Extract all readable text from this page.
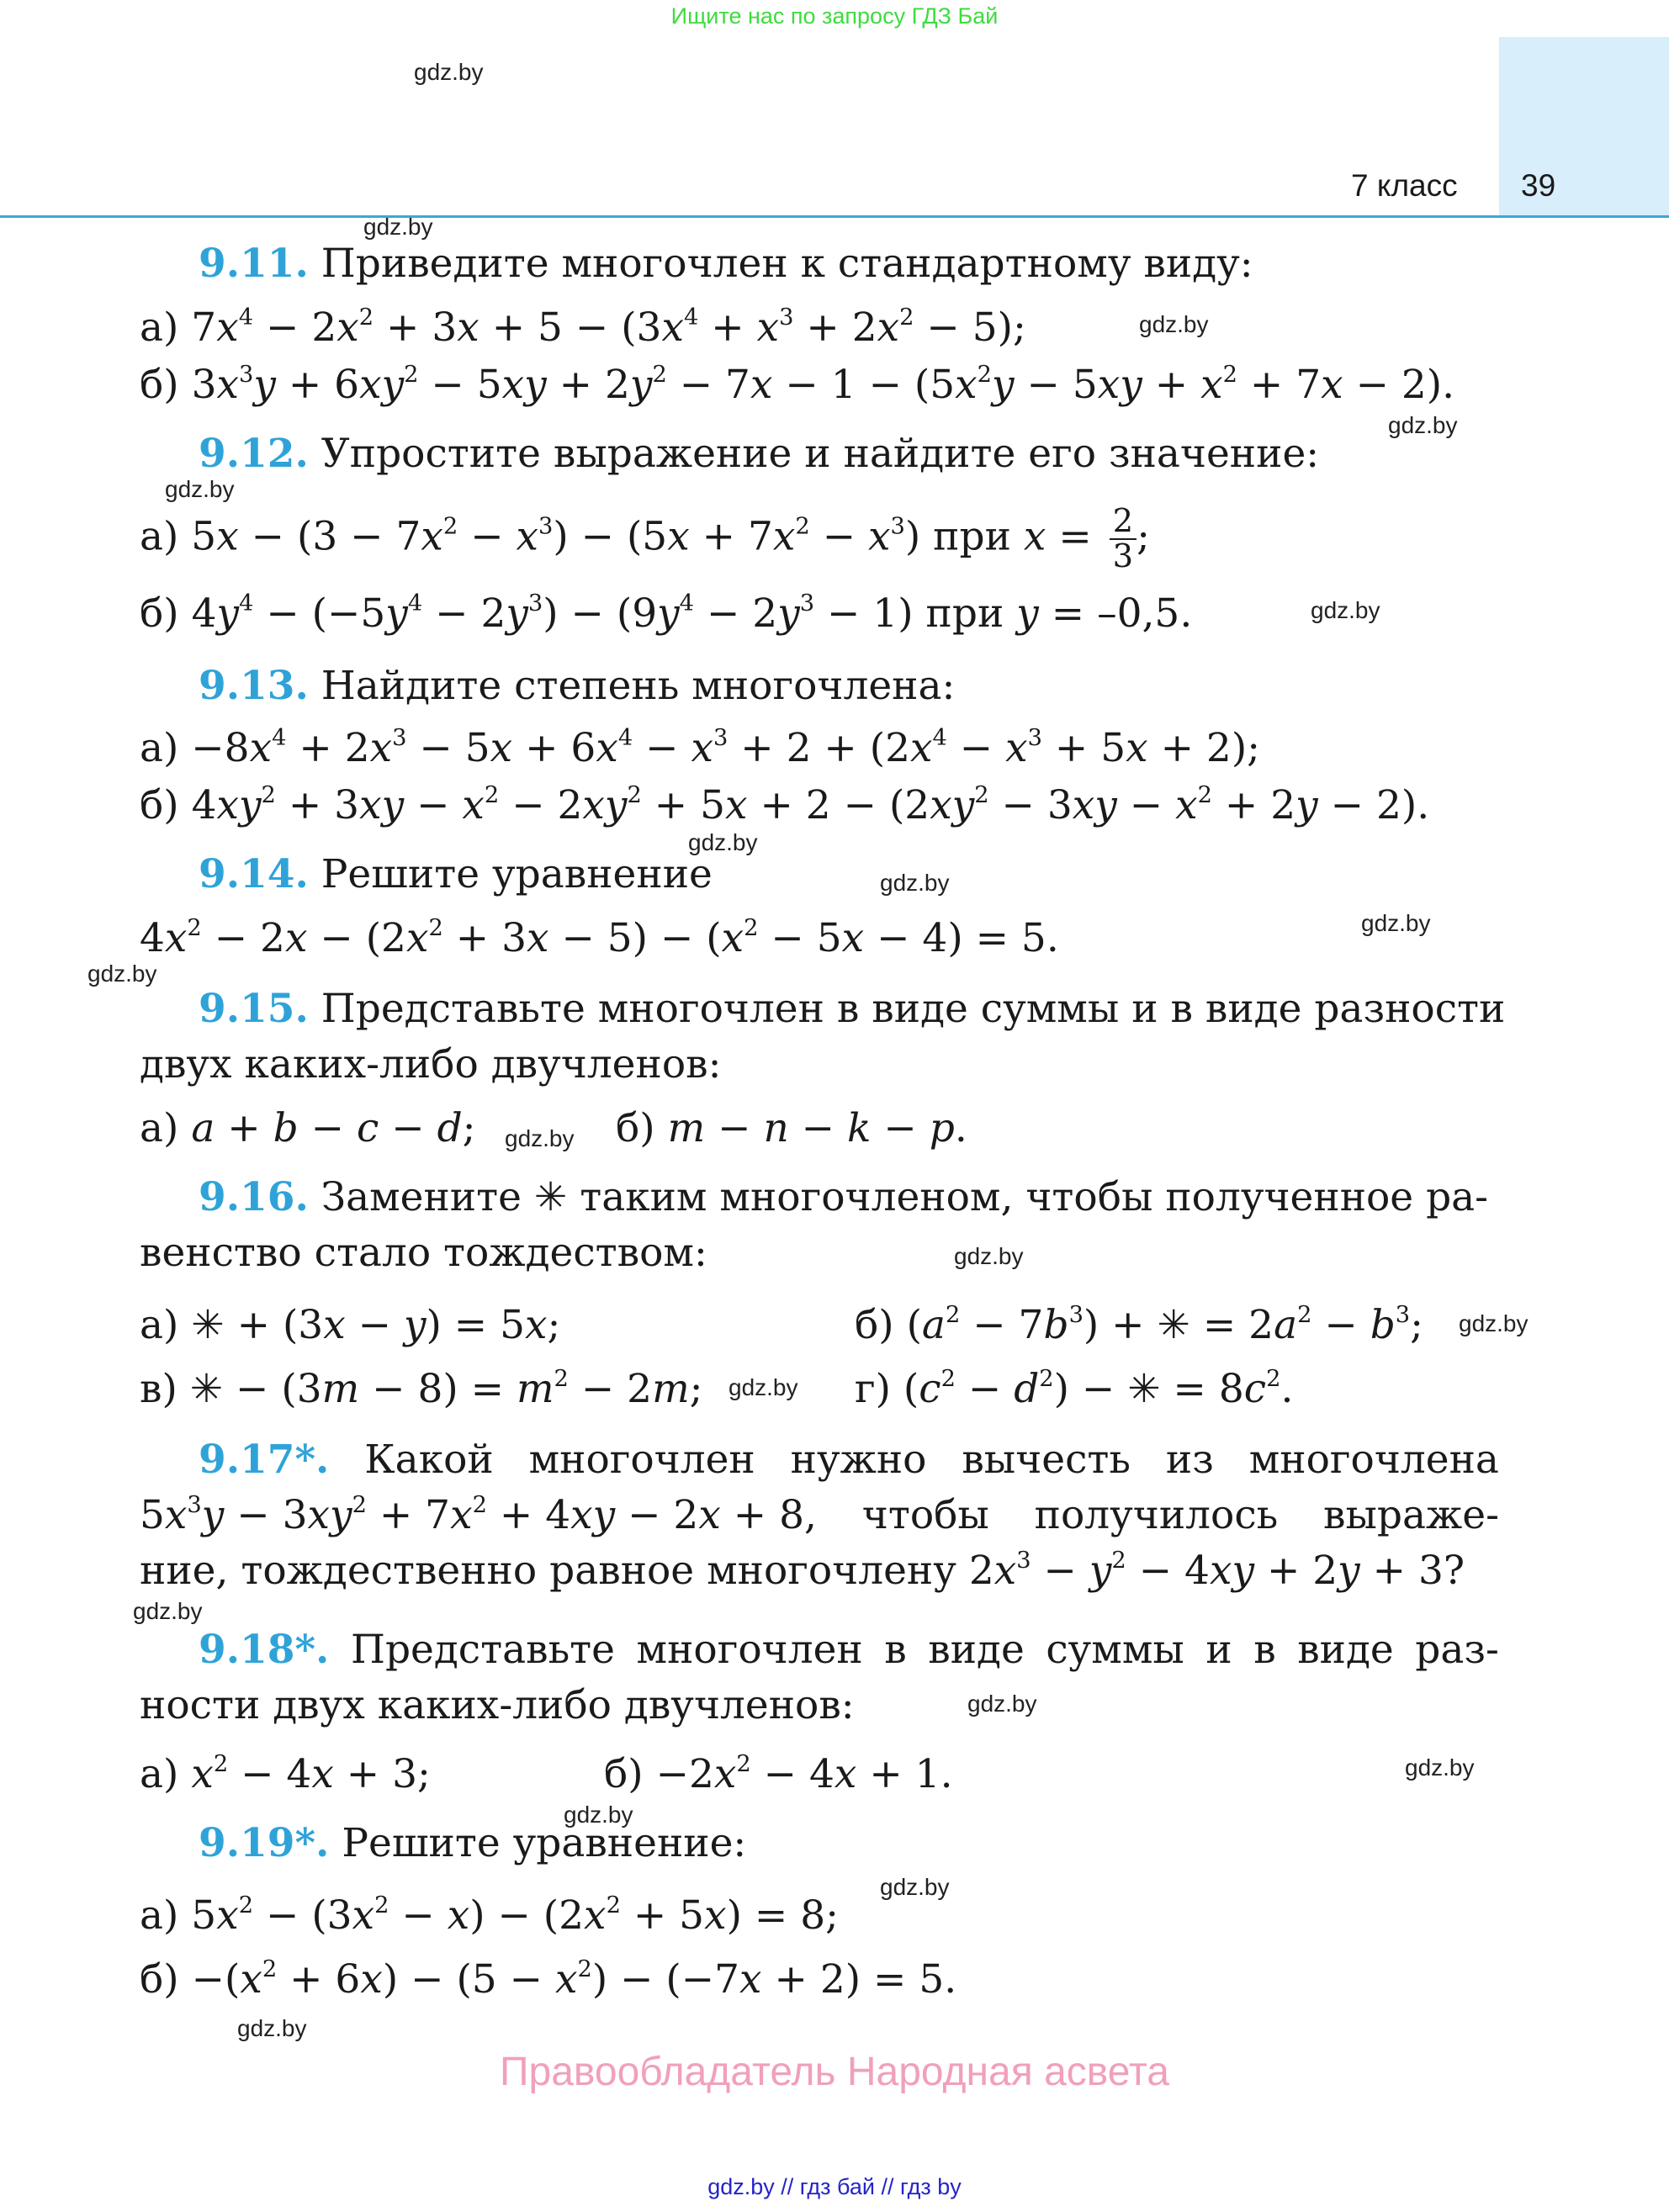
Ищите нас по запросу ГДЗ Бай
7 класс 39
gdz.by
gdz.by
gdz.by
gdz.by
gdz.by
gdz.by
gdz.by
gdz.by
gdz.by
gdz.by
gdz.by
gdz.by
gdz.by
gdz.by
gdz.by
gdz.by
gdz.by
gdz.by
gdz.by
gdz.by
9.11. Приведите многочлен к стандартному виду:
а) $7x^4 - 2x^2 + 3x + 5 - (3x^4 + x^3 + 2x^2 - 5)$;
б) $3x^3y + 6xy^2 - 5xy + 2y^2 - 7x - 1 - (5x^2y - 5xy + x^2 + 7x - 2)$.
9.12. Упростите выражение и найдите его значение:
а) $5x - (3 - 7x^2 - x^3) - (5x + 7x^2 - x^3)$ при $x = \frac{2}{3}$ ;
б) $4y^4 - (-5y^4 - 2y^3) - (9y^4 - 2y^3 - 1)$ при y = –0,5.
9.13. Найдите степень многочлена:
$а) -8x^4 + 2x^3 - 5x + 6x^4 - x^3 + 2 + (2x^4 - x^3 + 5x + 2)$;
б) $4xy^2 + 3xy - x^2 - 2xy^2 + 5x + 2 - (2xy^2 - 3xy - x^2 + 2y - 2)$.
9.14. Решите уравнение
$4x^2 - 2x - (2x^2 + 3x - 5) - (x^2 - 5x - 4) = 5$.
9.15. Представьте многочлен в виде суммы и в виде разности
двух каких-либо двучленов:
а) a + b − c − d;	б) m − n − k − p.
9.16. Замените ✳ таким многочленом, чтобы полученное ра-
венство стало тождеством:
а) ✳ + (3x − y) = 5x;	б) $(a^2 - 7b^3)$ + ✳ = $2a^2 - b^3$;
в) ✳ − $(3m - 8) = m^2 - 2m$;	г) $(c^2 - d^2)$ − ✳ = $8c^2$.
9.17*. Какой многочлен нужно вычесть из многочлена
$5x^3y - 3xy^2 + 7x^2 + 4xy - 2x + 8$, чтобы получилось выраже-
ние, тождественно равное многочлену $2x^3 - y^2 - 4xy + 2y + 3$?
9.18*. Представьте многочлен в виде суммы и в виде раз-
ности двух каких-либо двучленов:
а) $x^2 - 4x + 3$;	$б) -2x^2 - 4x + 1$.
9.19*. Решите уравнение:
а) $5x^2 - (3x^2 - x) - (2x^2 + 5x) = 8$;
$б) -(x^2 + 6x) - (5 - x^2) - (-7x + 2) = 5$.
Правообладатель Народная асвета
gdz.by // гдз бай // гдз by
